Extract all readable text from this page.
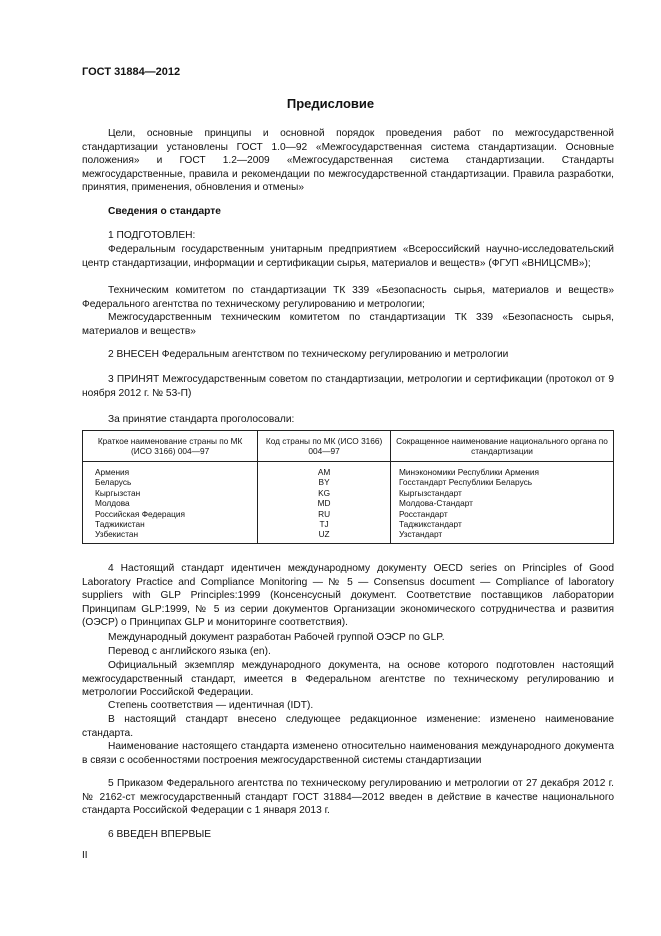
ГОСТ 31884—2012
Предисловие
Цели, основные принципы и основной порядок проведения работ по межгосударственной стандартизации установлены ГОСТ 1.0—92 «Межгосударственная система стандартизации. Основные положения» и ГОСТ 1.2—2009 «Межгосударственная система стандартизации. Стандарты межгосударственные, правила и рекомендации по межгосударственной стандартизации. Правила разработки, принятия, применения, обновления и отмены»
Сведения о стандарте
1 ПОДГОТОВЛЕН:
Федеральным государственным унитарным предприятием «Всероссийский научно-исследовательский центр стандартизации, информации и сертификации сырья, материалов и веществ» (ФГУП «ВНИЦСМВ»);
Техническим комитетом по стандартизации ТК 339 «Безопасность сырья, материалов и веществ» Федерального агентства по техническому регулированию и метрологии;
Межгосударственным техническим комитетом по стандартизации ТК 339 «Безопасность сырья, материалов и веществ»
2 ВНЕСЕН Федеральным агентством по техническому регулированию и метрологии
3 ПРИНЯТ Межгосударственным советом по стандартизации, метрологии и сертификации (протокол от 9 ноября 2012 г. № 53-П)
За принятие стандарта проголосовали:
Краткое наименование страны по МК (ИСО 3166) 004—97	Код страны по МК (ИСО 3166) 004—97	Сокращенное наименование национального органа по стандартизации
Армения	AM	Минэкономики Республики Армения
Беларусь	BY	Госстандарт Республики Беларусь
Кыргызстан	KG	Кыргызстандарт
Молдова	MD	Молдова-Стандарт
Российская Федерация	RU	Росстандарт
Таджикистан	TJ	Таджикстандарт
Узбекистан	UZ	Узстандарт
4 Настоящий стандарт идентичен международному документу OECD series on Principles of Good Laboratory Practice and Compliance Monitoring — № 5 — Consensus document — Compliance of laboratory suppliers with GLP Principles:1999 (Консенсусный документ. Соответствие поставщиков лаборатории Принципам GLP:1999, № 5 из серии документов Организации экономического сотрудничества и развития (ОЭСР) о Принципах GLP и мониторинге соответствия).
Международный документ разработан Рабочей группой ОЭСР по GLP.
Перевод с английского языка (en).
Официальный экземпляр международного документа, на основе которого подготовлен настоящий межгосударственный стандарт, имеется в Федеральном агентстве по техническому регулированию и метрологии Российской Федерации.
Степень соответствия — идентичная (IDT).
В настоящий стандарт внесено следующее редакционное изменение: изменено наименование стандарта.
Наименование настоящего стандарта изменено относительно наименования международного документа в связи с особенностями построения межгосударственной системы стандартизации
5 Приказом Федерального агентства по техническому регулированию и метрологии от 27 декабря 2012 г. № 2162-ст межгосударственный стандарт ГОСТ 31884—2012 введен в действие в качестве национального стандарта Российской Федерации с 1 января 2013 г.
6 ВВЕДЕН ВПЕРВЫЕ
II
